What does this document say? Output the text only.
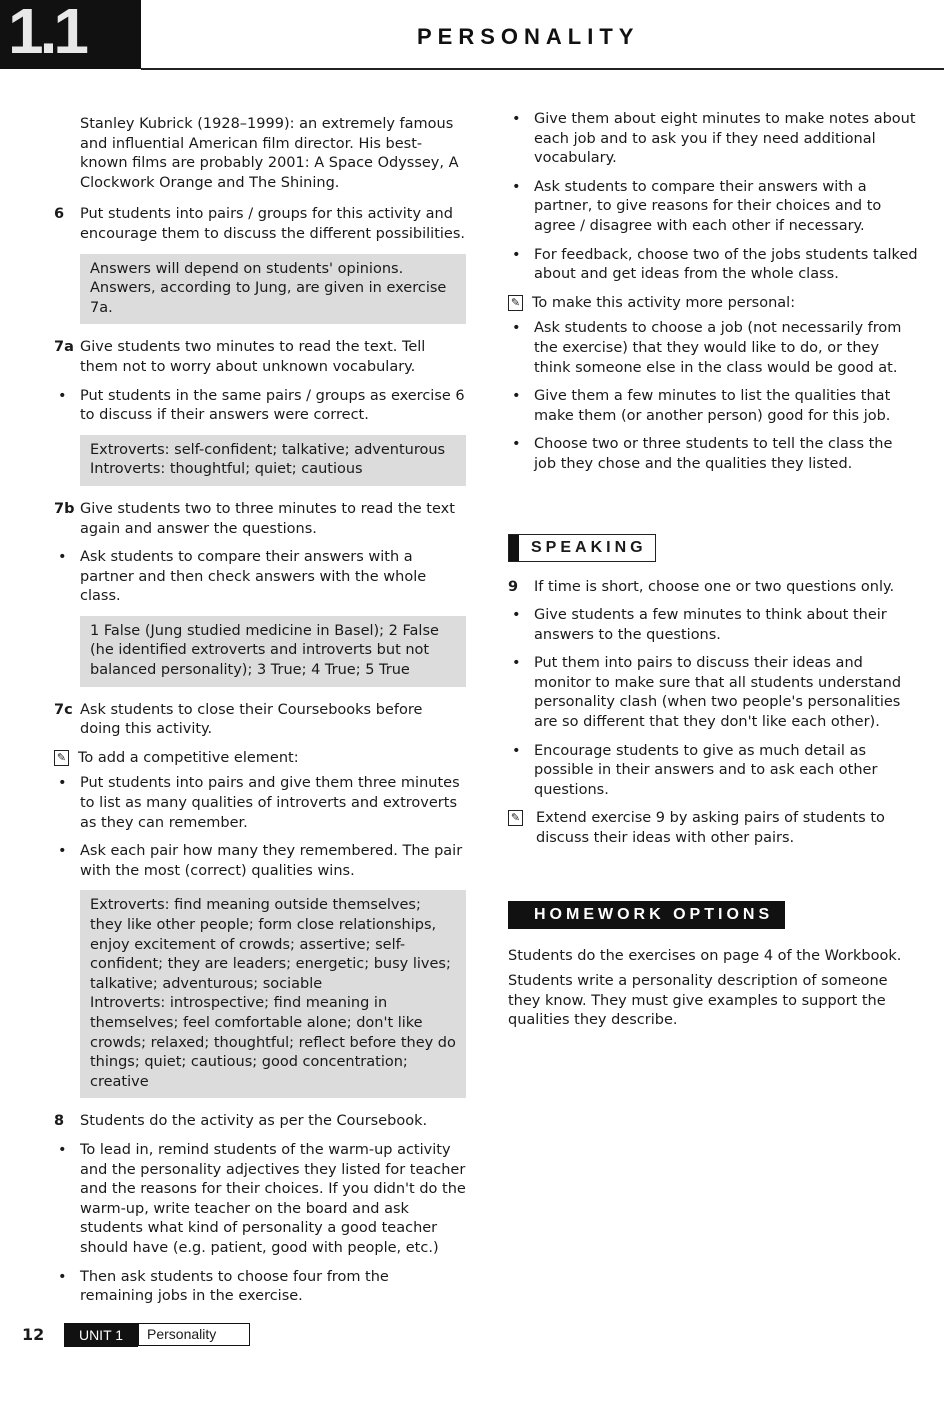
1.1	PERSONALITY

Stanley Kubrick (1928–1999): an extremely famous and influential American film director. His best-known films are probably 2001: A Space Odyssey, A Clockwork Orange and The Shining.

6 Put students into pairs / groups for this activity and encourage them to discuss the different possibilities.
Answers will depend on students' opinions. Answers, according to Jung, are given in exercise 7a.
7a Give students two minutes to read the text. Tell them not to worry about unknown vocabulary.
• Put students in the same pairs / groups as exercise 6 to discuss if their answers were correct.
Extroverts: self-confident; talkative; adventurous
Introverts: thoughtful; quiet; cautious
7b Give students two to three minutes to read the text again and answer the questions.
• Ask students to compare their answers with a partner and then check answers with the whole class.
1 False (Jung studied medicine in Basel); 2 False (he identified extroverts and introverts but not balanced personality); 3 True; 4 True; 5 True
7c Ask students to close their Coursebooks before doing this activity.
✎ To add a competitive element:
• Put students into pairs and give them three minutes to list as many qualities of introverts and extroverts as they can remember.
• Ask each pair how many they remembered. The pair with the most (correct) qualities wins.
Extroverts: find meaning outside themselves; they like other people; form close relationships, enjoy excitement of crowds; assertive; self-confident; they are leaders; energetic; busy lives; talkative; adventurous; sociable
Introverts: introspective; find meaning in themselves; feel comfortable alone; don't like crowds; relaxed; thoughtful; reflect before they do things; quiet; cautious; good concentration; creative
8 Students do the activity as per the Coursebook.
• To lead in, remind students of the warm-up activity and the personality adjectives they listed for teacher and the reasons for their choices. If you didn't do the warm-up, write teacher on the board and ask students what kind of personality a good teacher should have (e.g. patient, good with people, etc.)
• Then ask students to choose four from the remaining jobs in the exercise.
• Give them about eight minutes to make notes about each job and to ask you if they need additional vocabulary.
• Ask students to compare their answers with a partner, to give reasons for their choices and to agree / disagree with each other if necessary.
• For feedback, choose two of the jobs students talked about and get ideas from the whole class.
✎ To make this activity more personal:
• Ask students to choose a job (not necessarily from the exercise) that they would like to do, or they think someone else in the class would be good at.
• Give them a few minutes to list the qualities that make them (or another person) good for this job.
• Choose two or three students to tell the class the job they chose and the qualities they listed.
SPEAKING
9 If time is short, choose one or two questions only.
• Give students a few minutes to think about their answers to the questions.
• Put them into pairs to discuss their ideas and monitor to make sure that all students understand personality clash (when two people's personalities are so different that they don't like each other).
• Encourage students to give as much detail as possible in their answers and to ask each other questions.
✎ Extend exercise 9 by asking pairs of students to discuss their ideas with other pairs.
HOMEWORK OPTIONS

Students do the exercises on page 4 of the Workbook.

Students write a personality description of someone they know. They must give examples to support the qualities they describe.

12	UNIT 1	Personality
